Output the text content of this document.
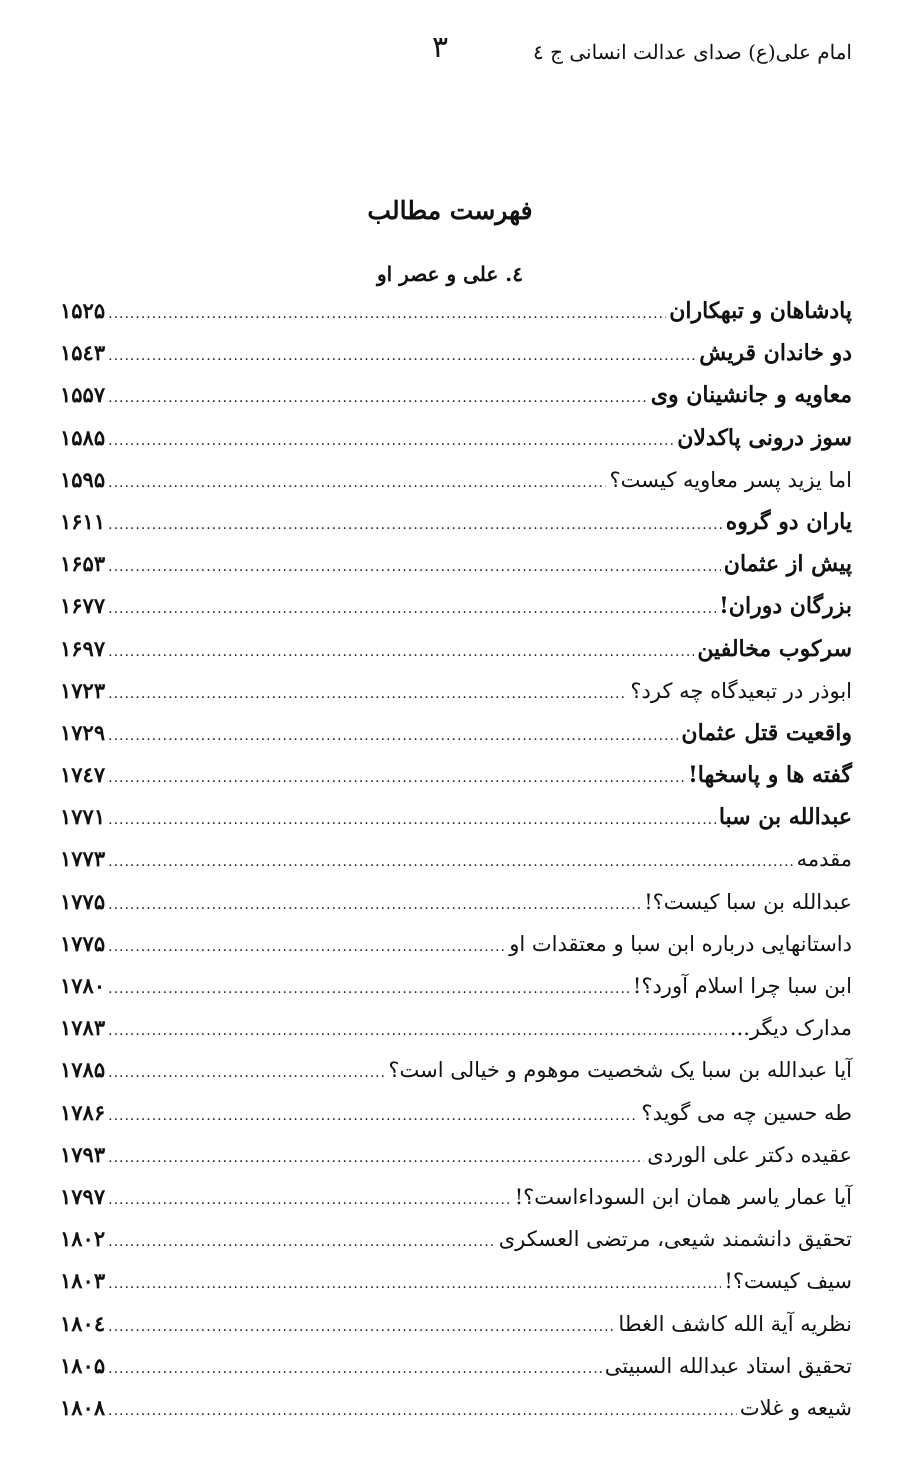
امام علی(ع) صدای عدالت انسانی ج ٤
۳
فهرست مطالب
٤. علی و عصر او
پادشاهان و تبهکاران
.....
۱۵۲۵
دو خاندان قریش
.....
۱۵٤۳
معاویه و جانشینان وی
.....
۱۵۵۷
سوز درونی پاکدلان
.....
۱۵۸۵
اما یزید پسر معاویه کیست؟
.....
۱۵۹۵
یاران دو گروه
.....
۱۶۱۱
پیش از عثمان
.....
۱۶۵۳
بزرگان دوران!
.....
۱۶۷۷
سرکوب مخالفین
.....
۱۶۹۷
ابوذر در تبعیدگاه چه کرد؟
.....
۱۷۲۳
واقعیت قتل عثمان
.....
۱۷۲۹
گفته ها و پاسخها!
.....
۱۷٤۷
عبدالله بن سبا
.....
۱۷۷۱
مقدمه
.....
۱۷۷۳
عبدالله بن سبا کیست؟!
.....
۱۷۷۵
داستانهایی درباره ابن سبا و معتقدات او
.....
۱۷۷۵
ابن سبا چرا اسلام آورد؟!
.....
۱۷۸۰
مدارک دیگر...
.....
۱۷۸۳
آیا عبدالله بن سبا یک شخصیت موهوم و خیالی است؟
.....
۱۷۸۵
طه حسین چه می گوید؟
.....
۱۷۸۶
عقیده دکتر علی الوردی
.....
۱۷۹۳
آیا عمار یاسر همان ابن السوداءاست؟!
.....
۱۷۹۷
تحقیق دانشمند شیعی، مرتضی العسکری
.....
۱۸۰۲
سیف کیست؟!
.....
۱۸۰۳
نظریه آیة الله کاشف الغطا
.....
۱۸۰٤
تحقیق استاد عبدالله السبیتی
.....
۱۸۰۵
شیعه و غلات
.....
۱۸۰۸
